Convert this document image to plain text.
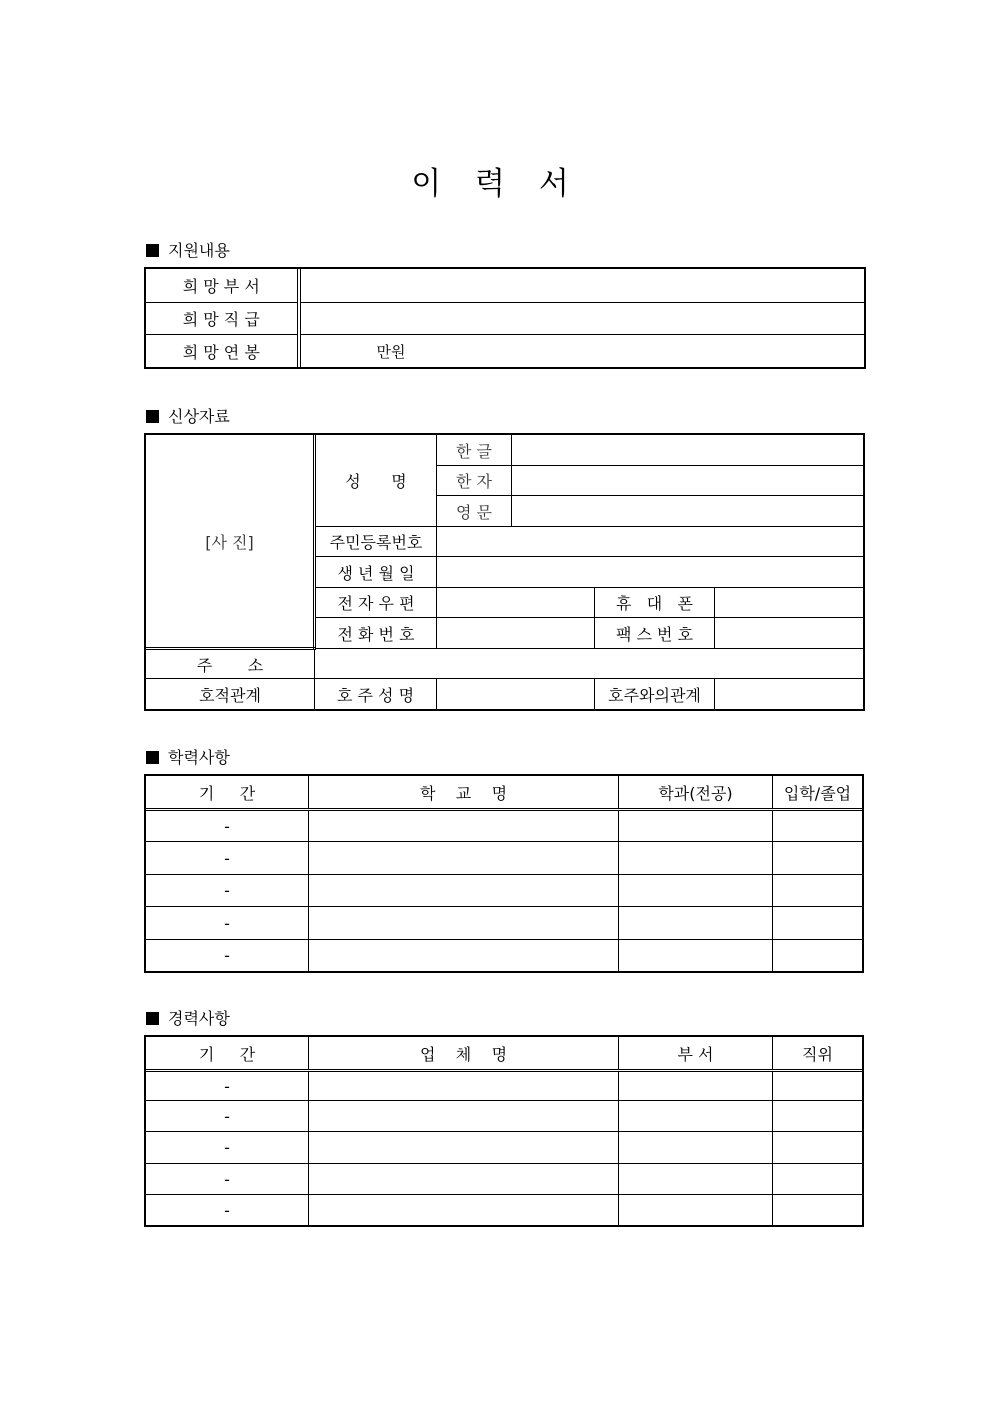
이 력 서
지원내용
희 망 부 서	
희 망 직 급	
희 망 연 봉	만원
신상자료
[사 진]	성      명	한 글			
		한 자			
		영 문			
	주민등록번호				
	생 년 월 일				
	전 자 우 편			휴   대   폰	
	전 화 번 호			팩 스 번 호	
주       소					
호적관계	호 주 성 명			호주와의관계	
학력사항
기     간	학    교    명	학과(전공)	입학/졸업
-			
-			
-			
-			
-			
경력사항
기     간	업    체    명	부 서	직위
-			
-			
-			
-			
-			
